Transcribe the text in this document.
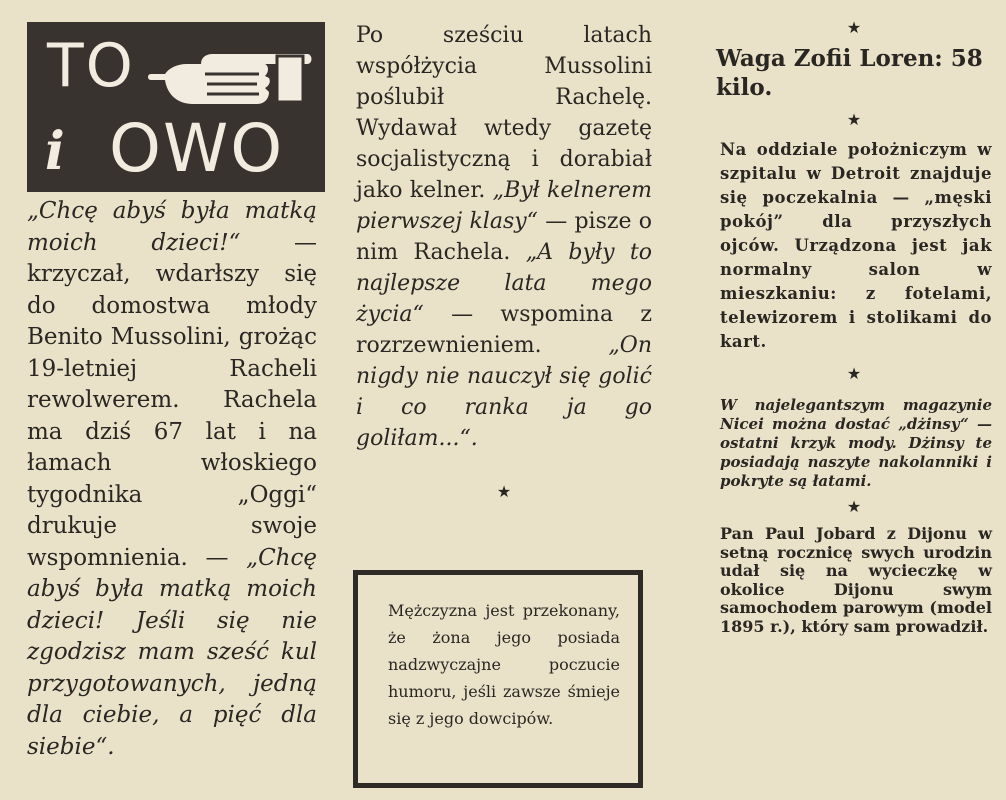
TO
i OWO

„Chcę abyś była matką moich dzieci!“ — krzyczał, wdarłszy się do domostwa młody Benito Mussolini, grożąc 19-letniej Racheli rewolwerem. Rachela ma dziś 67 lat i na łamach włoskiego tygodnika „Oggi“ drukuje swoje wspomnienia. — „Chcę abyś była matką moich dzieci! Jeśli się nie zgodzisz mam sześć kul przygotowanych, jedną dla ciebie, a pięć dla siebie“.

Po sześciu latach współżycia Mussolini poślubił Rachelę. Wydawał wtedy gazetę socjalistyczną i dorabiał jako kelner. „Był kelnerem pierwszej klasy“ — pisze o nim Rachela. „A były to najlepsze lata mego życia“ — wspomina z rozrzewnieniem. „On nigdy nie nauczył się golić i co ranka ja go goliłam...“.

★

Mężczyzna jest przekonany, że żona jego posiada nadzwyczajne poczucie humoru, jeśli zawsze śmieje się z jego dowcipów.

★

Waga Zofii Loren: 58 kilo.

★

Na oddziale położniczym w szpitalu w Detroit znajduje się poczekalnia — „męski pokój” dla przyszłych ojców. Urządzona jest jak normalny salon w mieszkaniu: z fotelami, telewizorem i stolikami do kart.

★

W najelegantszym magazynie Nicei można dostać „dżinsy“ — ostatni krzyk mody. Dżinsy te posiadają naszyte nakolanniki i pokryte są łatami.

★

Pan Paul Jobard z Dijonu w setną rocznicę swych urodzin udał się na wycieczkę w okolice Dijonu swym samochodem parowym (model 1895 r.), który sam prowadził.
